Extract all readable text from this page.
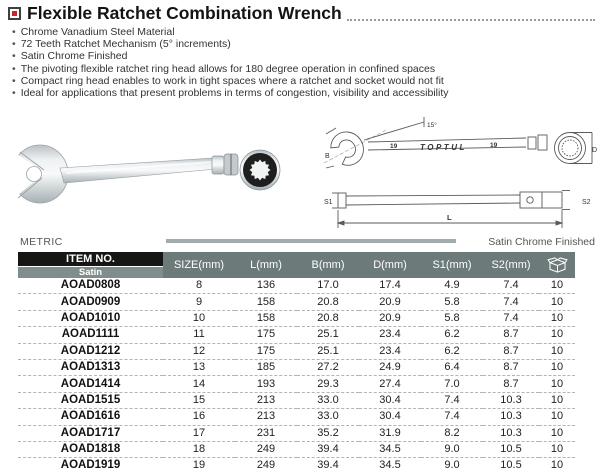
Flexible Ratchet Combination Wrench
• Chrome Vanadium Steel Material
• 72 Teeth Ratchet Mechanism (5° increments)
• Satin Chrome Finished
• The pivoting flexible ratchet ring head allows for 180 degree operation in confined spaces
• Compact ring head enables to work in tight spaces where a ratchet and socket would not fit
• Ideal for applications that present problems in terms of congestion, visibility and accessibility
15°
19	TOPTUL	19
B
D
S1	S2
L
METRIC	Satin Chrome Finished
ITEM NO.
Satin	SIZE(mm)	L(mm)	B(mm)	D(mm)	S1(mm)	S2(mm)	
AOAD0808	8	136	17.0	17.4	4.9	7.4	10
AOAD0909	9	158	20.8	20.9	5.8	7.4	10
AOAD1010	10	158	20.8	20.9	5.8	7.4	10
AOAD1111	11	175	25.1	23.4	6.2	8.7	10
AOAD1212	12	175	25.1	23.4	6.2	8.7	10
AOAD1313	13	185	27.2	24.9	6.4	8.7	10
AOAD1414	14	193	29.3	27.4	7.0	8.7	10
AOAD1515	15	213	33.0	30.4	7.4	10.3	10
AOAD1616	16	213	33.0	30.4	7.4	10.3	10
AOAD1717	17	231	35.2	31.9	8.2	10.3	10
AOAD1818	18	249	39.4	34.5	9.0	10.5	10
AOAD1919	19	249	39.4	34.5	9.0	10.5	10
